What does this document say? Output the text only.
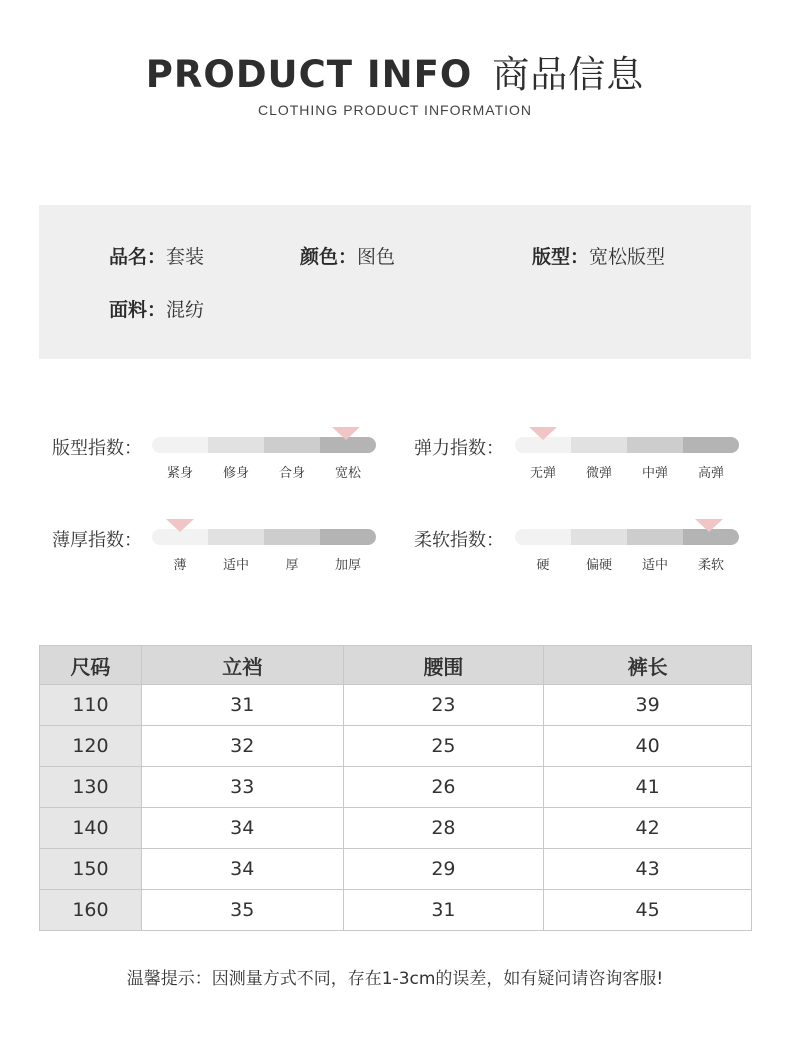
PRODUCT INFO 商品信息
CLOTHING PRODUCT INFORMATION
品名：套装	颜色：图色	版型：宽松版型
面料：混纺
版型指数：
紧身	修身	合身	宽松
弹力指数：
无弹	微弹	中弹	高弹
薄厚指数：
薄	适中	厚	加厚
柔软指数：
硬	偏硬	适中	柔软
尺码	立裆	腰围	裤长
110	31	23	39
120	32	25	40
130	33	26	41
140	34	28	42
150	34	29	43
160	35	31	45
温馨提示：因测量方式不同，存在1-3cm的误差，如有疑问请咨询客服!
